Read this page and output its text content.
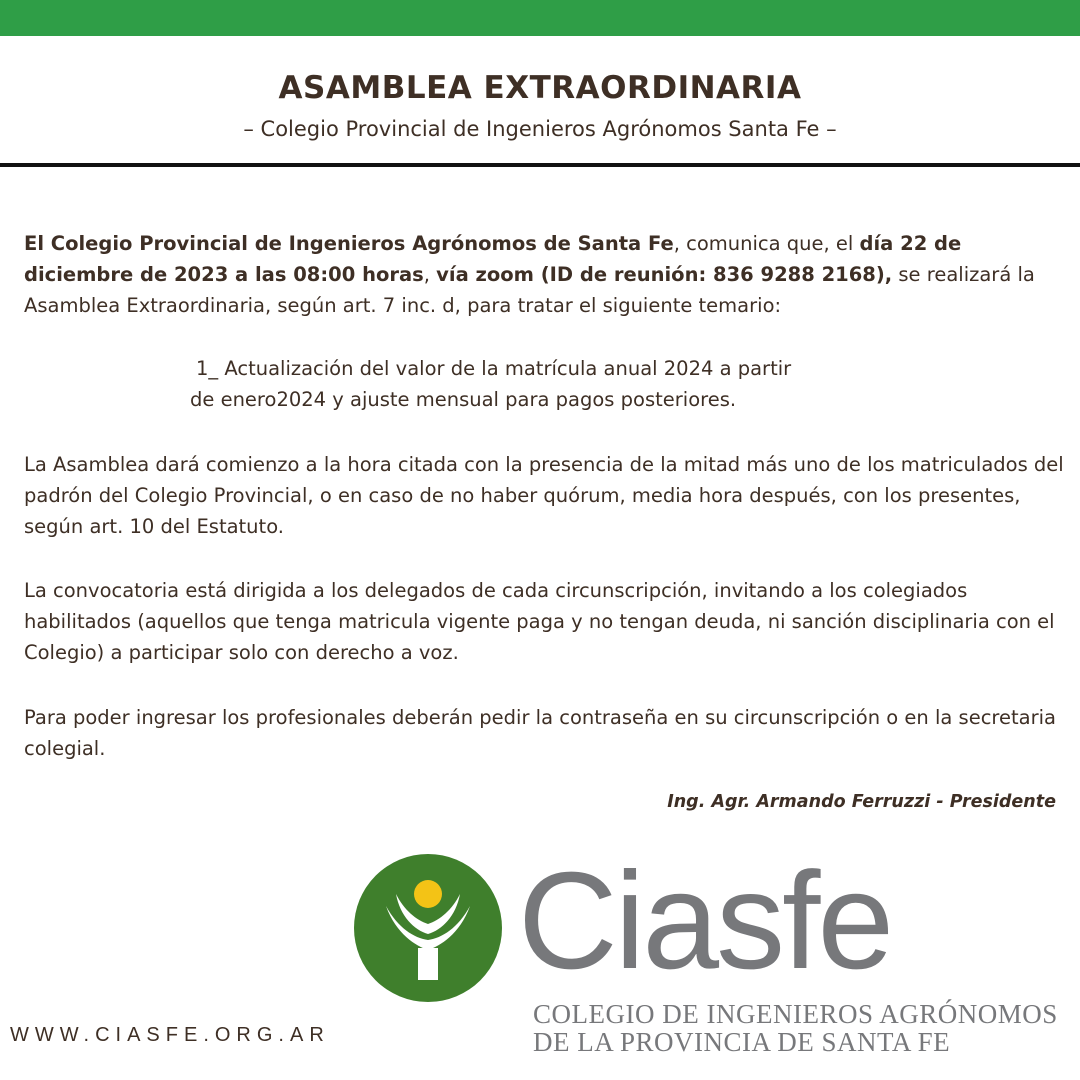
ASAMBLEA EXTRAORDINARIA
– Colegio Provincial de Ingenieros Agrónomos Santa Fe –

El Colegio Provincial de Ingenieros Agrónomos de Santa Fe, comunica que, el día 22 de diciembre de 2023 a las 08:00 horas, vía zoom (ID de reunión: 836 9288 2168), se realizará la Asamblea Extraordinaria, según art. 7 inc. d, para tratar el siguiente temario:

1_ Actualización del valor de la matrícula anual 2024 a partir
de enero2024 y ajuste mensual para pagos posteriores.

La Asamblea dará comienzo a la hora citada con la presencia de la mitad más uno de los matriculados del padrón del Colegio Provincial, o en caso de no haber quórum, media hora después, con los presentes, según art. 10 del Estatuto.

La convocatoria está dirigida a los delegados de cada circunscripción, invitando a los colegiados habilitados (aquellos que tenga matricula vigente paga y no tengan deuda, ni sanción disciplinaria con el Colegio) a participar solo con derecho a voz.

Para poder ingresar los profesionales deberán pedir la contraseña en su circunscripción o en la secretaria colegial.

Ing. Agr. Armando Ferruzzi - Presidente
Ciasfe
COLEGIO DE INGENIEROS AGRÓNOMOS
DE LA PROVINCIA DE SANTA FE
WWW.CIASFE.ORG.AR
